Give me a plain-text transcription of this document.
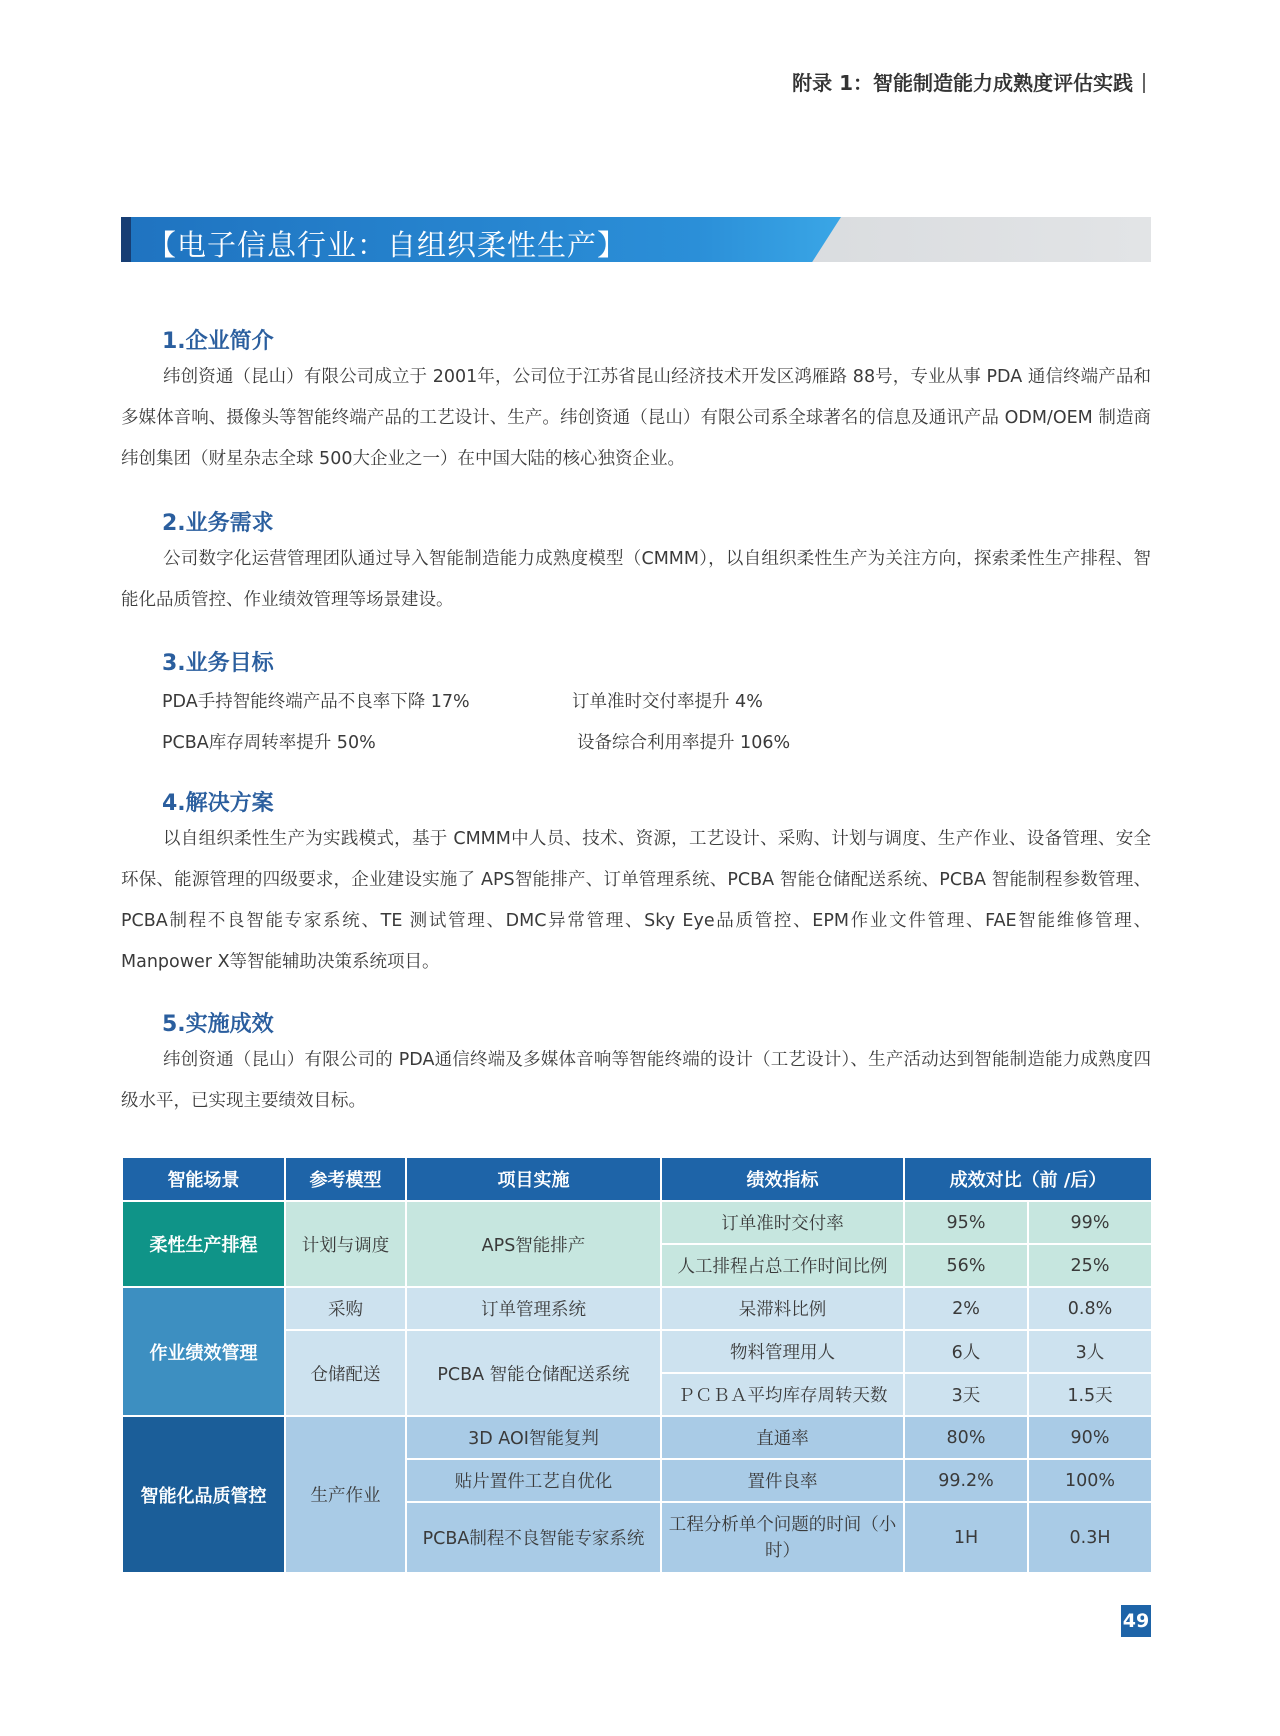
附录 1：智能制造能力成熟度评估实践
【电子信息行业：自组织柔性生产】
1.企业简介
纬创资通（昆山）有限公司成立于 2001年，公司位于江苏省昆山经济技术开发区鸿雁路 88号，专业从事 PDA 通信终端产品和多媒体音响、摄像头等智能终端产品的工艺设计、生产。纬创资通（昆山）有限公司系全球著名的信息及通讯产品 ODM/OEM 制造商纬创集团（财星杂志全球 500大企业之一）在中国大陆的核心独资企业。
2.业务需求
公司数字化运营管理团队通过导入智能制造能力成熟度模型（CMMM），以自组织柔性生产为关注方向，探索柔性生产排程、智能化品质管控、作业绩效管理等场景建设。
3.业务目标
PDA手持智能终端产品不良率下降 17%	订单准时交付率提升 4%
PCBA库存周转率提升 50%	设备综合利用率提升 106%
4.解决方案
以自组织柔性生产为实践模式，基于 CMMM中人员、技术、资源，工艺设计、采购、计划与调度、生产作业、设备管理、安全环保、能源管理的四级要求，企业建设实施了 APS智能排产、订单管理系统、PCBA 智能仓储配送系统、PCBA 智能制程参数管理、PCBA制程不良智能专家系统、TE 测试管理、DMC异常管理、Sky Eye品质管控、EPM作业文件管理、FAE智能维修管理、Manpower X等智能辅助决策系统项目。
5.实施成效
纬创资通（昆山）有限公司的 PDA通信终端及多媒体音响等智能终端的设计（工艺设计）、生产活动达到智能制造能力成熟度四级水平，已实现主要绩效目标。
智能场景	参考模型	项目实施	绩效指标	成效对比（前 /后）	
柔性生产排程	计划与调度	APS智能排产	订单准时交付率	95%	99%
			人工排程占总工作时间比例	56%	25%
作业绩效管理	采购	订单管理系统	呆滞料比例	2%	0.8%
	仓储配送	PCBA 智能仓储配送系统	物料管理用人	6人	3人
			ＰＣＢＡ平均库存周转天数	3天	1.5天
智能化品质管控	生产作业	3D AOI智能复判	直通率	80%	90%
		贴片置件工艺自优化	置件良率	99.2%	100%
		PCBA制程不良智能专家系统	工程分析单个问题的时间（小时）	1H	0.3H
49
